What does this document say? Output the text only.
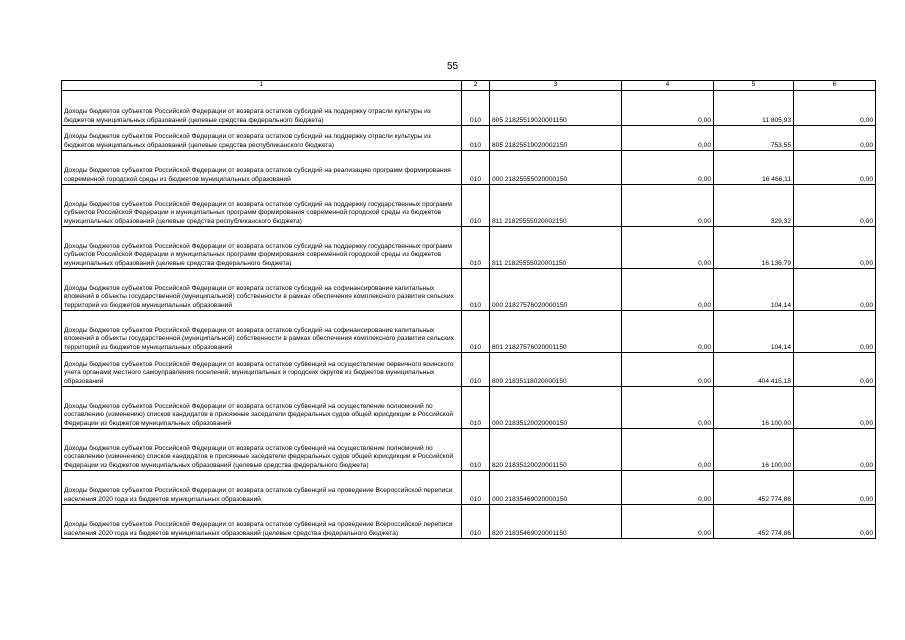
55
1	2	3	4	5	6
Доходы бюджетов субъектов Российской Федерации от возврата остатков субсидий на поддержку отрасли культуры из бюджетов муниципальных образований (целевые средства федерального бюджета)	010	805 21825519020001150	0,00	11 805,93	0,00
Доходы бюджетов субъектов Российской Федерации от возврата остатков субсидий на поддержку отрасли культуры из бюджетов муниципальных образований (целевые средства республиканского бюджета)	010	805 21825519020002150	0,00	753,55	0,00
Доходы бюджетов субъектов Российской Федерации от возврата остатков субсидий на реализацию программ формирования современной городской среды из бюджетов муниципальных образований	010	000 21825555020000150	0,00	16 466,11	0,00
Доходы бюджетов субъектов Российской Федерации от возврата остатков субсидий на поддержку государственных программ субъектов Российской Федерации и муниципальных программ формирования современной городской среды из бюджетов муниципальных образований (целевые средства республиканского бюджета)	010	811 21825555020002150	0,00	329,32	0,00
Доходы бюджетов субъектов Российской Федерации от возврата остатков субсидий на поддержку государственных программ субъектов Российской Федерации и муниципальных программ формирования современной городской среды из бюджетов муниципальных образований (целевые средства федерального бюджета)	010	811 21825555020001150	0,00	16 136,79	0,00
Доходы бюджетов субъектов Российской Федерации от возврата остатков субсидий на софинансирование капитальных вложений в объекты государственной (муниципальной) собственности в рамках обеспечения комплексного развития сельских территорий из бюджетов муниципальных образований	010	000 21827576020000150	0,00	104,14	0,00
Доходы бюджетов субъектов Российской Федерации от возврата остатков субсидий на софинансирование капитальных вложений в объекты государственной (муниципальной) собственности в рамках обеспечения комплексного развития сельских территорий из бюджетов муниципальных образований	010	801 21827576020001150	0,00	104,14	0,00
Доходы бюджетов субъектов Российской Федерации от возврата остатков субвенций на осуществление первичного воинского учета органами местного самоуправления поселений, муниципальных и городских округов из бюджетов муниципальных образований	010	809 21835118020000150	0,00	404 415,18	0,00
Доходы бюджетов субъектов Российской Федерации от возврата остатков субвенций на осуществление полномочий по составлению (изменению) списков кандидатов в присяжные заседатели федеральных судов общей юрисдикции в Российской Федерации из бюджетов муниципальных образований	010	000 21835120020000150	0,00	16 100,00	0,00
Доходы бюджетов субъектов Российской Федерации от возврата остатков субвенций на осуществление полномочий по составлению (изменению) списков кандидатов в присяжные заседатели федеральных судов общей юрисдикции в Российской Федерации из бюджетов муниципальных образований (целевые средства федерального бюджета)	010	820 21835120020001150	0,00	16 100,00	0,00
Доходы бюджетов субъектов Российской Федерации от возврата остатков субвенций на проведение Всероссийской переписи населения 2020 года из бюджетов муниципальных образований	010	000 21835469020000150	0,00	452 774,86	0,00
Доходы бюджетов субъектов Российской Федерации от возврата остатков субвенций на проведение Всероссийской переписи населения 2020 года из бюджетов муниципальных образований (целевые средства федерального бюджета)	010	820 21835469020001150	0,00	452 774,86	0,00
